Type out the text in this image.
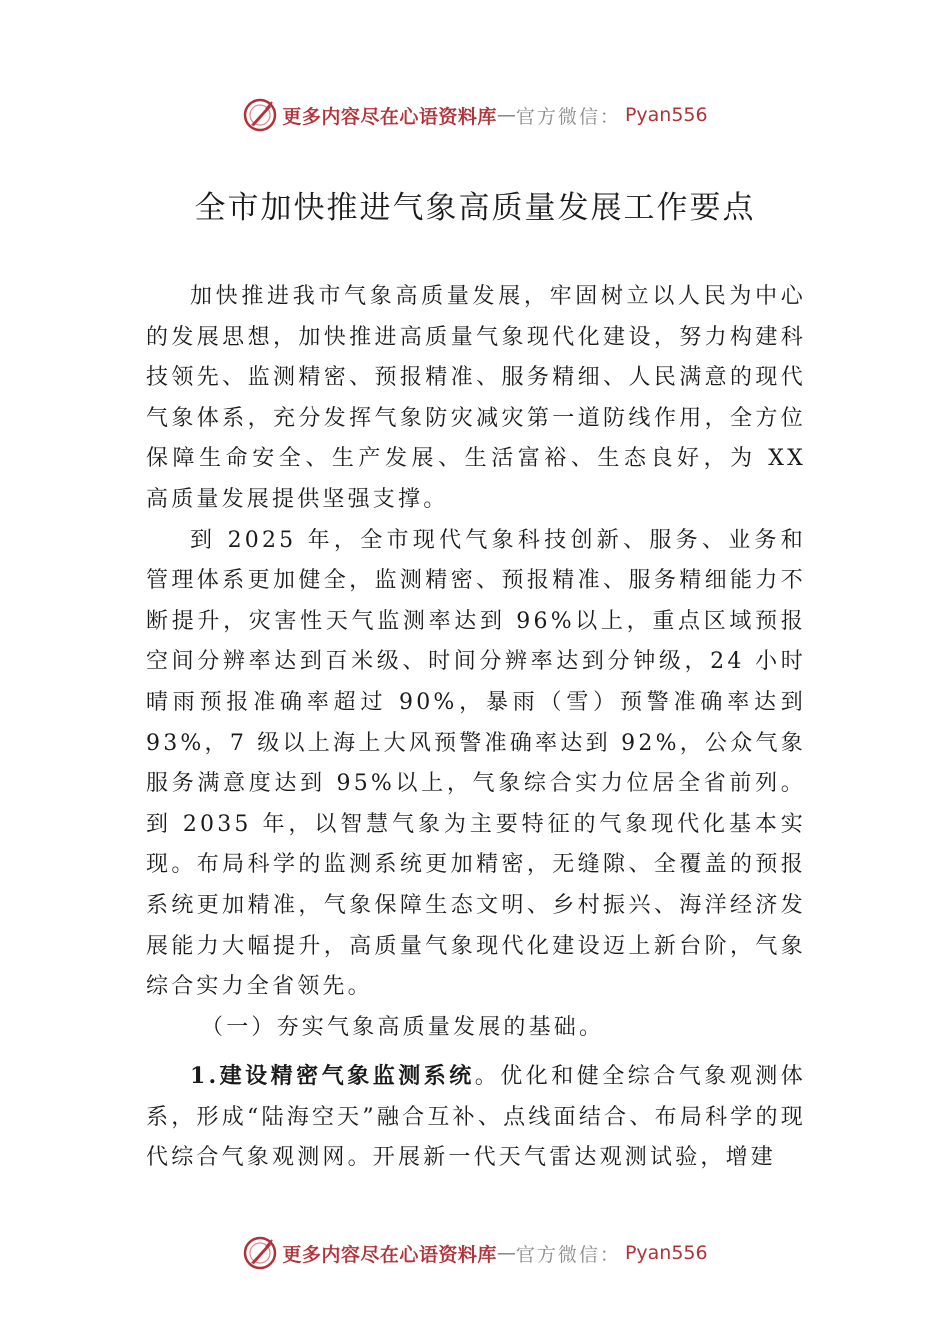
更多内容尽在心语资料库 — 官方微信： Pyan556
全市加快推进气象高质量发展工作要点

加快推进我市气象高质量发展，牢固树立以人民为中心的发展思想，加快推进高质量气象现代化建设，努力构建科技领先、监测精密、预报精准、服务精细、人民满意的现代气象体系，充分发挥气象防灾减灾第一道防线作用，全方位保障生命安全、生产发展、生活富裕、生态良好，为 XX 高质量发展提供坚强支撑。

到 2025 年，全市现代气象科技创新、服务、业务和管理体系更加健全，监测精密、预报精准、服务精细能力不断提升，灾害性天气监测率达到 96%以上，重点区域预报空间分辨率达到百米级、时间分辨率达到分钟级，24 小时晴雨预报准确率超过 90%，暴雨（雪）预警准确率达到 93%，7 级以上海上大风预警准确率达到 92%，公众气象服务满意度达到 95%以上，气象综合实力位居全省前列。到 2035 年，以智慧气象为主要特征的气象现代化基本实现。布局科学的监测系统更加精密，无缝隙、全覆盖的预报系统更加精准，气象保障生态文明、乡村振兴、海洋经济发展能力大幅提升，高质量气象现代化建设迈上新台阶，气象综合实力全省领先。

（一）夯实气象高质量发展的基础。

1.建设精密气象监测系统。优化和健全综合气象观测体系，形成“陆海空天”融合互补、点线面结合、布局科学的现代综合气象观测网。开展新一代天气雷达观测试验，增建

更多内容尽在心语资料库 — 官方微信： Pyan556
